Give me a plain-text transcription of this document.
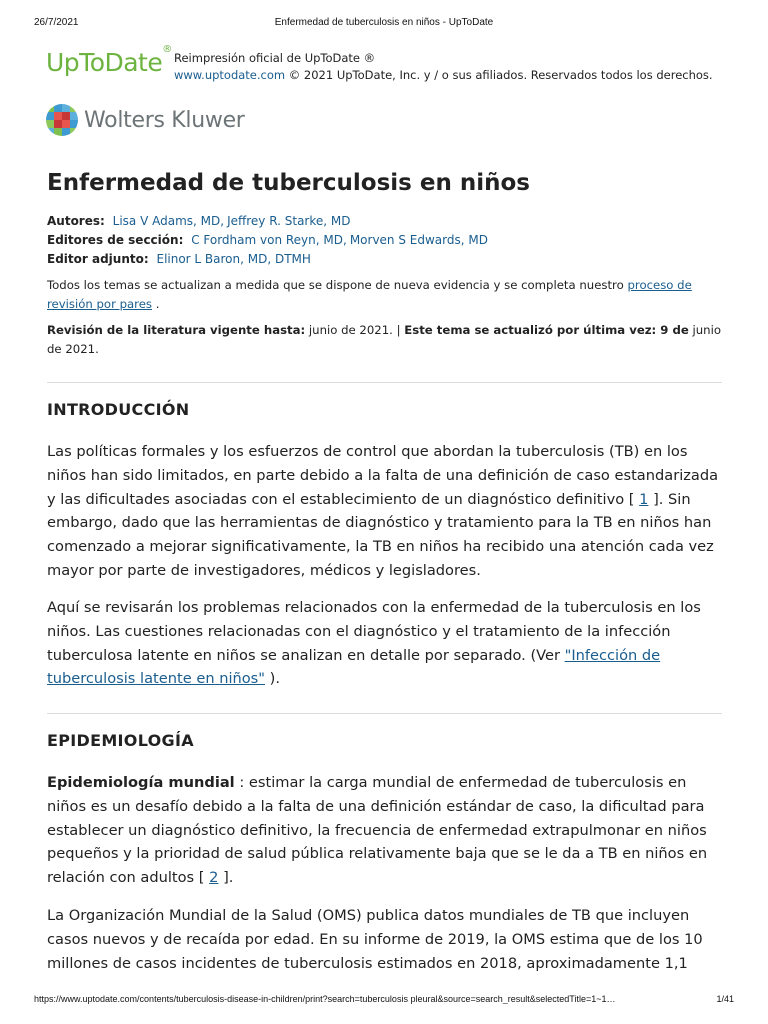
26/7/2021	Enfermedad de tuberculosis en niños - UpToDate
UpToDate®
Reimpresión oficial de UpToDate ®
www.uptodate.com © 2021 UpToDate, Inc. y / o sus afiliados. Reservados todos los derechos.
Wolters Kluwer
Enfermedad de tuberculosis en niños
Autores: Lisa V Adams, MD, Jeffrey R. Starke, MD
Editores de sección: C Fordham von Reyn, MD, Morven S Edwards, MD
Editor adjunto: Elinor L Baron, MD, DTMH

Todos los temas se actualizan a medida que se dispone de nueva evidencia y se completa nuestro proceso de revisión por pares .

Revisión de la literatura vigente hasta: junio de 2021. | Este tema se actualizó por última vez: 9 de junio de 2021.

INTRODUCCIÓN

Las políticas formales y los esfuerzos de control que abordan la tuberculosis (TB) en los niños han sido limitados, en parte debido a la falta de una definición de caso estandarizada y las dificultades asociadas con el establecimiento de un diagnóstico definitivo [ 1 ]. Sin embargo, dado que las herramientas de diagnóstico y tratamiento para la TB en niños han comenzado a mejorar significativamente, la TB en niños ha recibido una atención cada vez mayor por parte de investigadores, médicos y legisladores.

Aquí se revisarán los problemas relacionados con la enfermedad de la tuberculosis en los niños. Las cuestiones relacionadas con el diagnóstico y el tratamiento de la infección tuberculosa latente en niños se analizan en detalle por separado. (Ver "Infección de tuberculosis latente en niños" ).

EPIDEMIOLOGÍA

Epidemiología mundial : estimar la carga mundial de enfermedad de tuberculosis en niños es un desafío debido a la falta de una definición estándar de caso, la dificultad para establecer un diagnóstico definitivo, la frecuencia de enfermedad extrapulmonar en niños pequeños y la prioridad de salud pública relativamente baja que se le da a TB en niños en relación con adultos [ 2 ].

La Organización Mundial de la Salud (OMS) publica datos mundiales de TB que incluyen casos nuevos y de recaída por edad. En su informe de 2019, la OMS estima que de los 10 millones de casos incidentes de tuberculosis estimados en 2018, aproximadamente 1,1

https://www.uptodate.com/contents/tuberculosis-disease-in-children/print?search=tuberculosis pleural&source=search_result&selectedTitle=1~1…	1/41
